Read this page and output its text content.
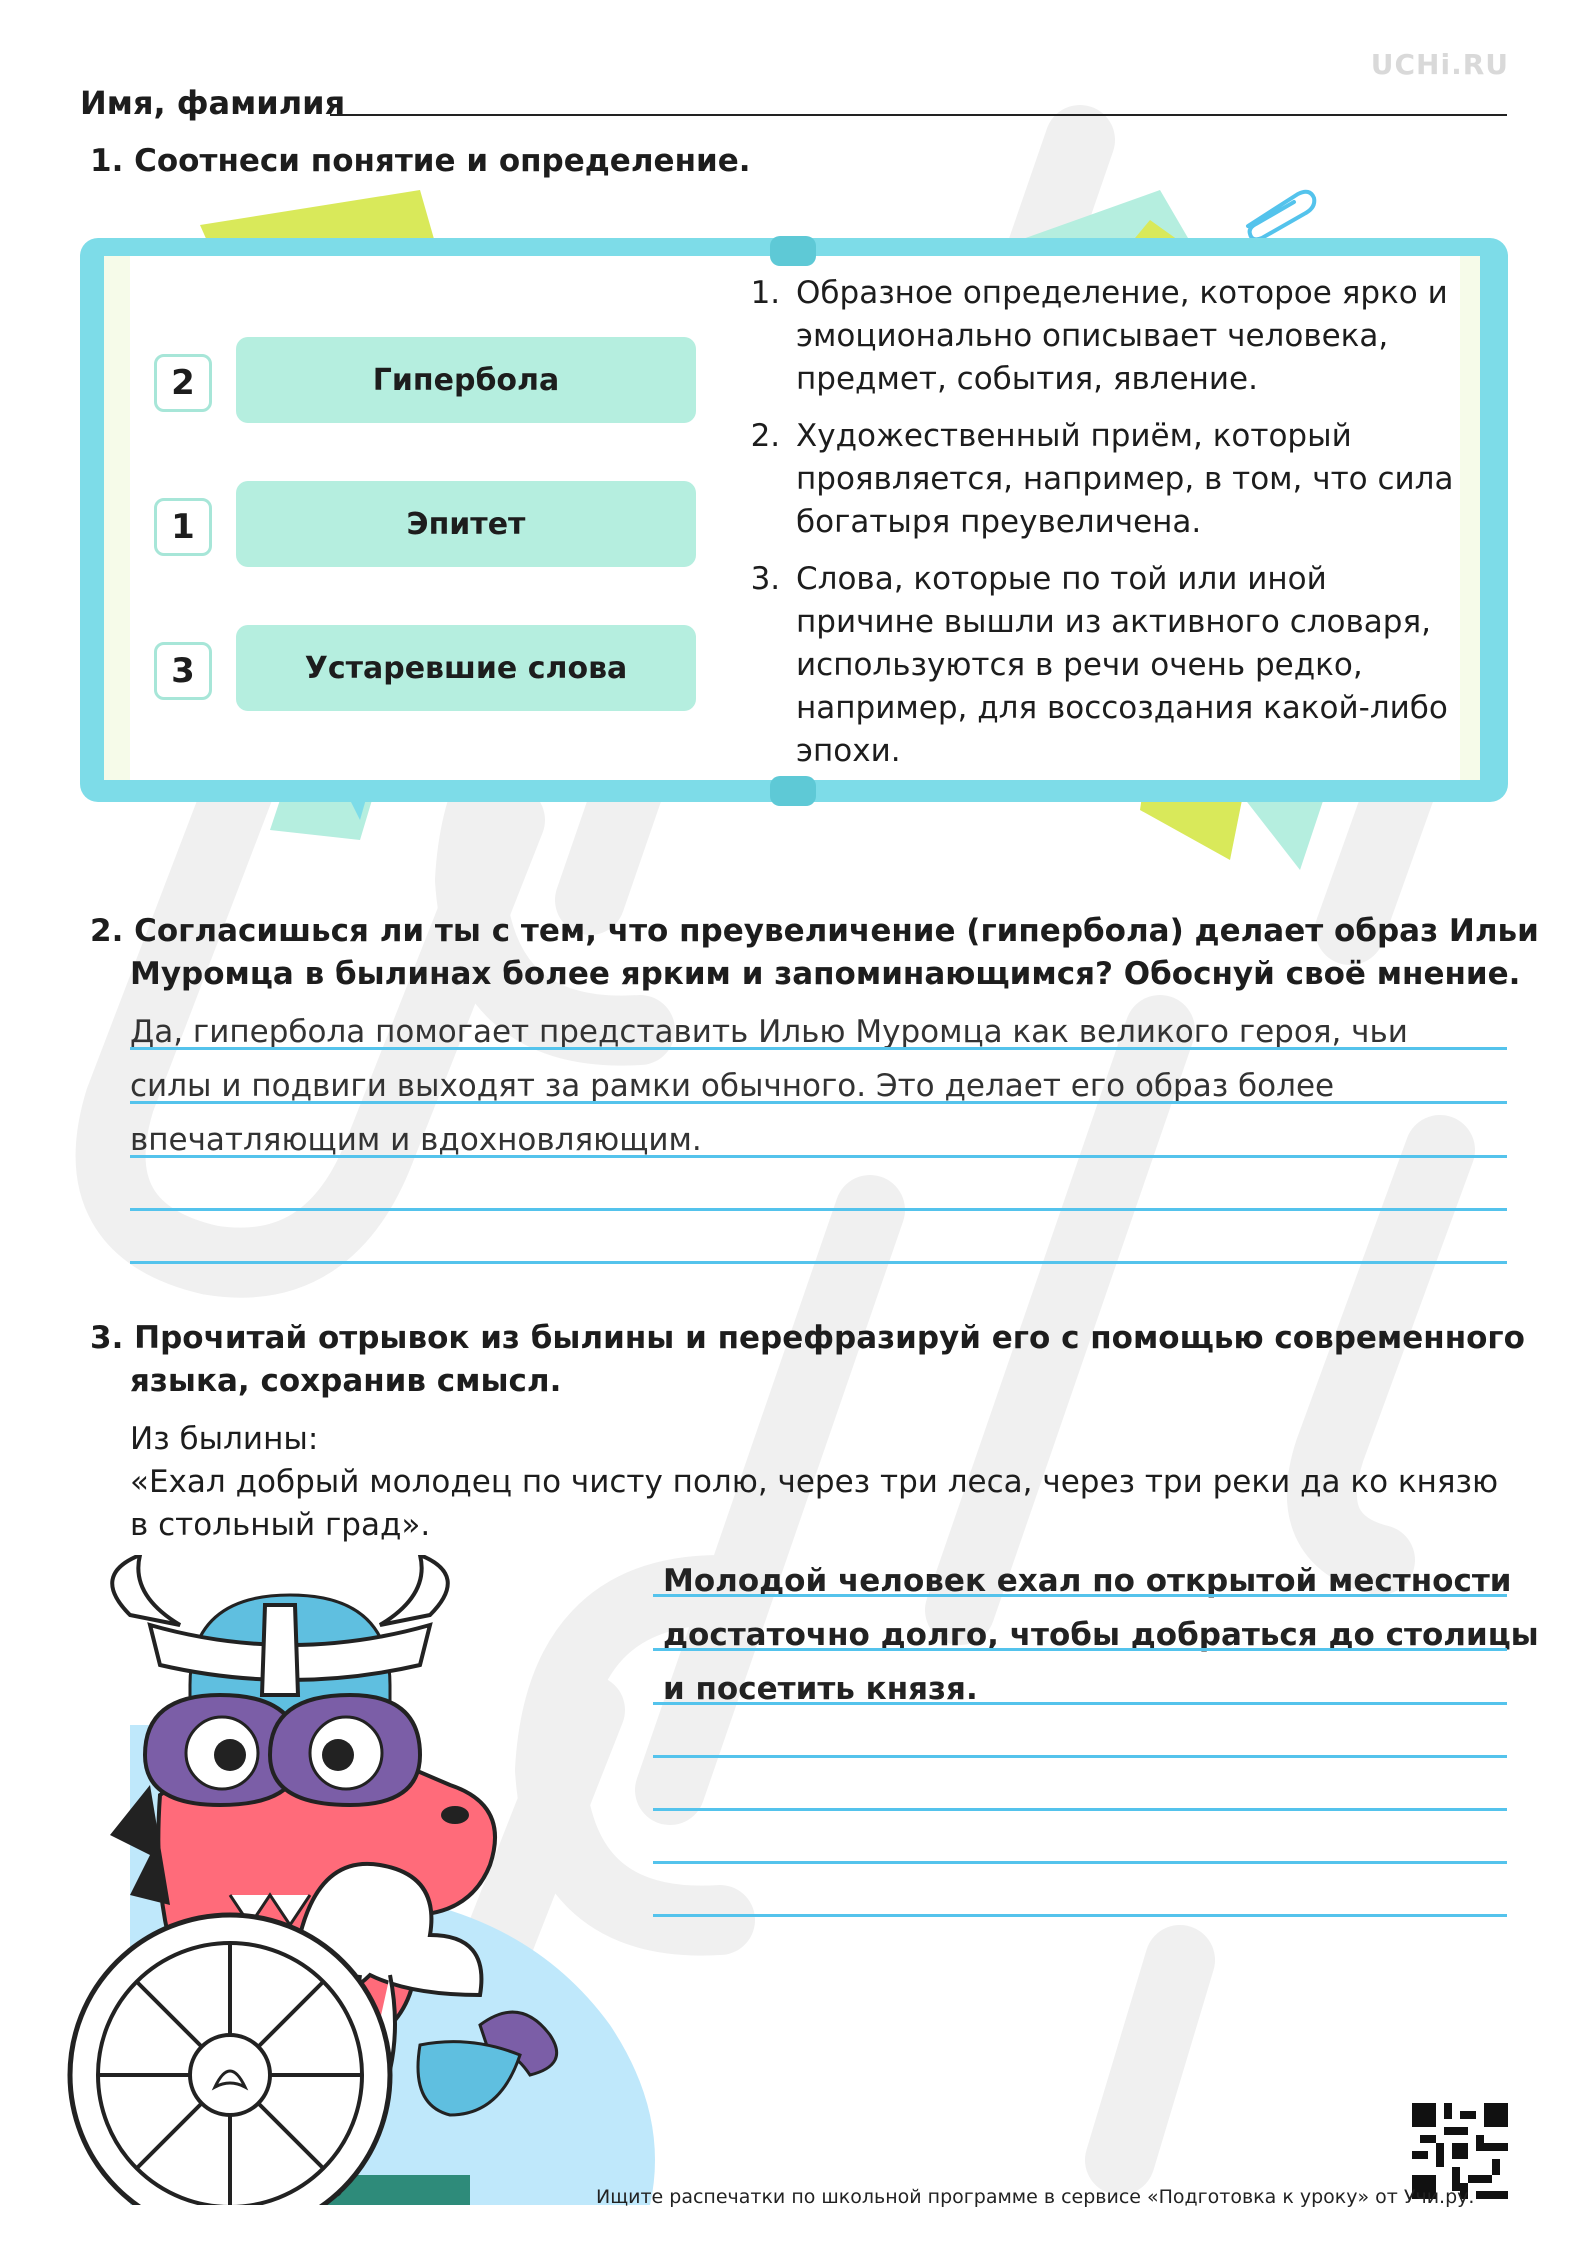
UCHi.RU
Имя, фамилия
1. Соотнеси понятие и определение.
2	Гипербола
1	Эпитет
3	Устаревшие слова
1. Образное определение, которое ярко и эмоционально описывает человека, предмет, события, явление.
2. Художественный приём, который проявляется, например, в том, что сила богатыря преувеличена.
3. Слова, которые по той или иной причине вышли из активного словаря, используются в речи очень редко, например, для воссоздания какой-либо эпохи.
2. Согласишься ли ты с тем, что преувеличение (гипербола) делает образ Ильи
Муромца в былинах более ярким и запоминающимся? Обоснуй своё мнение.
Да, гипербола помогает представить Илью Муромца как великого героя, чьи
силы и подвиги выходят за рамки обычного. Это делает его образ более
впечатляющим и вдохновляющим.
3. Прочитай отрывок из былины и перефразируй его с помощью современного
языка, сохранив смысл.
Из былины:
«Ехал добрый молодец по чисту полю, через три леса, через три реки да ко князю
в стольный град».
Молодой человек ехал по открытой местности
достаточно долго, чтобы добраться до столицы
и посетить князя.
Ищите распечатки по школьной программе в сервисе «Подготовка к уроку» от Учи.ру.
